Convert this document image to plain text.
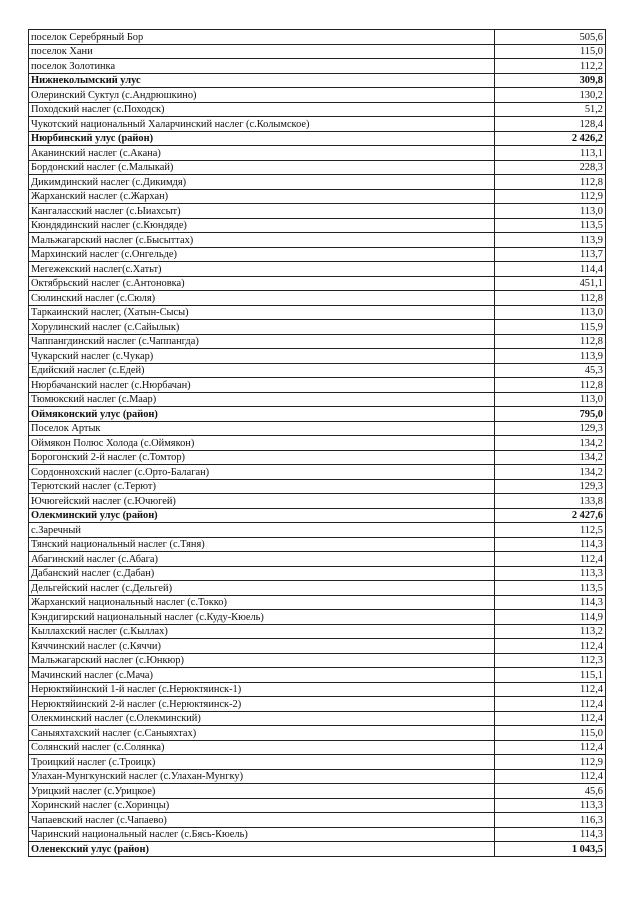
поселок Серебряный Бор	505,6
поселок Хани	115,0
поселок Золотинка	112,2
Нижнеколымский улус	309,8
Олеринский Суктул (с.Андрюшкино)	130,2
Походский наслег (с.Походск)	51,2
Чукотский национальный Халарчинский наслег (с.Колымское)	128,4
Нюрбинский улус (район)	2 426,2
Аканинский наслег (с.Акана)	113,1
Бордонский наслег (с.Малыкай)	228,3
Дикимдинский наслег (с.Дикимдя)	112,8
Жарханский наслег (с.Жархан)	112,9
Кангаласский наслег (с.Ыиахсыт)	113,0
Кюндядинский наслег (с.Кюндяде)	113,5
Мальжагарский наслег (с.Бысыттах)	113,9
Мархинский наслег (с.Онгельде)	113,7
Мегежекский наслег(с.Хатьт)	114,4
Октябрьский наслег (с.Антоновка)	451,1
Сюлинский наслег (с.Сюля)	112,8
Таркаинский наслег, (Хатын-Сысы)	113,0
Хорулинский наслег (с.Сайылык)	115,9
Чаппангдинский наслег (с.Чаппангда)	112,8
Чукарский наслег (с.Чукар)	113,9
Едийский наслег (с.Едей)	45,3
Нюрбачанский наслег (с.Нюрбачан)	112,8
Тюмюкский наслег (с.Маар)	113,0
Оймяконский улус (район)	795,0
Поселок Артык	129,3
Оймякон Полюс Холода (с.Оймякон)	134,2
Борогонский 2-й наслег (с.Томтор)	134,2
Сордоннохский наслег (с.Орто-Балаган)	134,2
Терютский наслег (с.Терют)	129,3
Ючюгейский наслег (с.Ючюгей)	133,8
Олекминский улус (район)	2 427,6
с.Заречный	112,5
Тянский национальный наслег (с.Тяня)	114,3
Абагинский наслег (с.Абага)	112,4
Дабанский наслег (с.Дабан)	113,3
Дельгейский наслег (с.Дельгей)	113,5
Жарханский национальный наслег (с.Токко)	114,3
Кэндигирский национальный наслег (с.Куду-Кюель)	114,9
Кыллахский наслег (с.Кыллах)	113,2
Кяччинский наслег (с.Кяччи)	112,4
Мальжагарский наслег (с.Юнкюр)	112,3
Мачинский наслег (с.Мача)	115,1
Нерюктяйинский 1-й наслег (с.Нерюктяинск-1)	112,4
Нерюктяйинский 2-й наслег (с.Нерюктяинск-2)	112,4
Олекминский наслег (с.Олекминский)	112,4
Саныяхтахский наслег (с.Саныяхтах)	115,0
Солянский наслег (с.Солянка)	112,4
Троицкий наслег (с.Троицк)	112,9
Улахан-Мунгкунский наслег (с.Улахан-Мунгку)	112,4
Урицкий наслег (с.Урицкое)	45,6
Хоринский наслег (с.Хоринцы)	113,3
Чапаевский наслег (с.Чапаево)	116,3
Чаринский национальный наслег (с.Бясь-Кюель)	114,3
Оленекский улус (район)	1 043,5
